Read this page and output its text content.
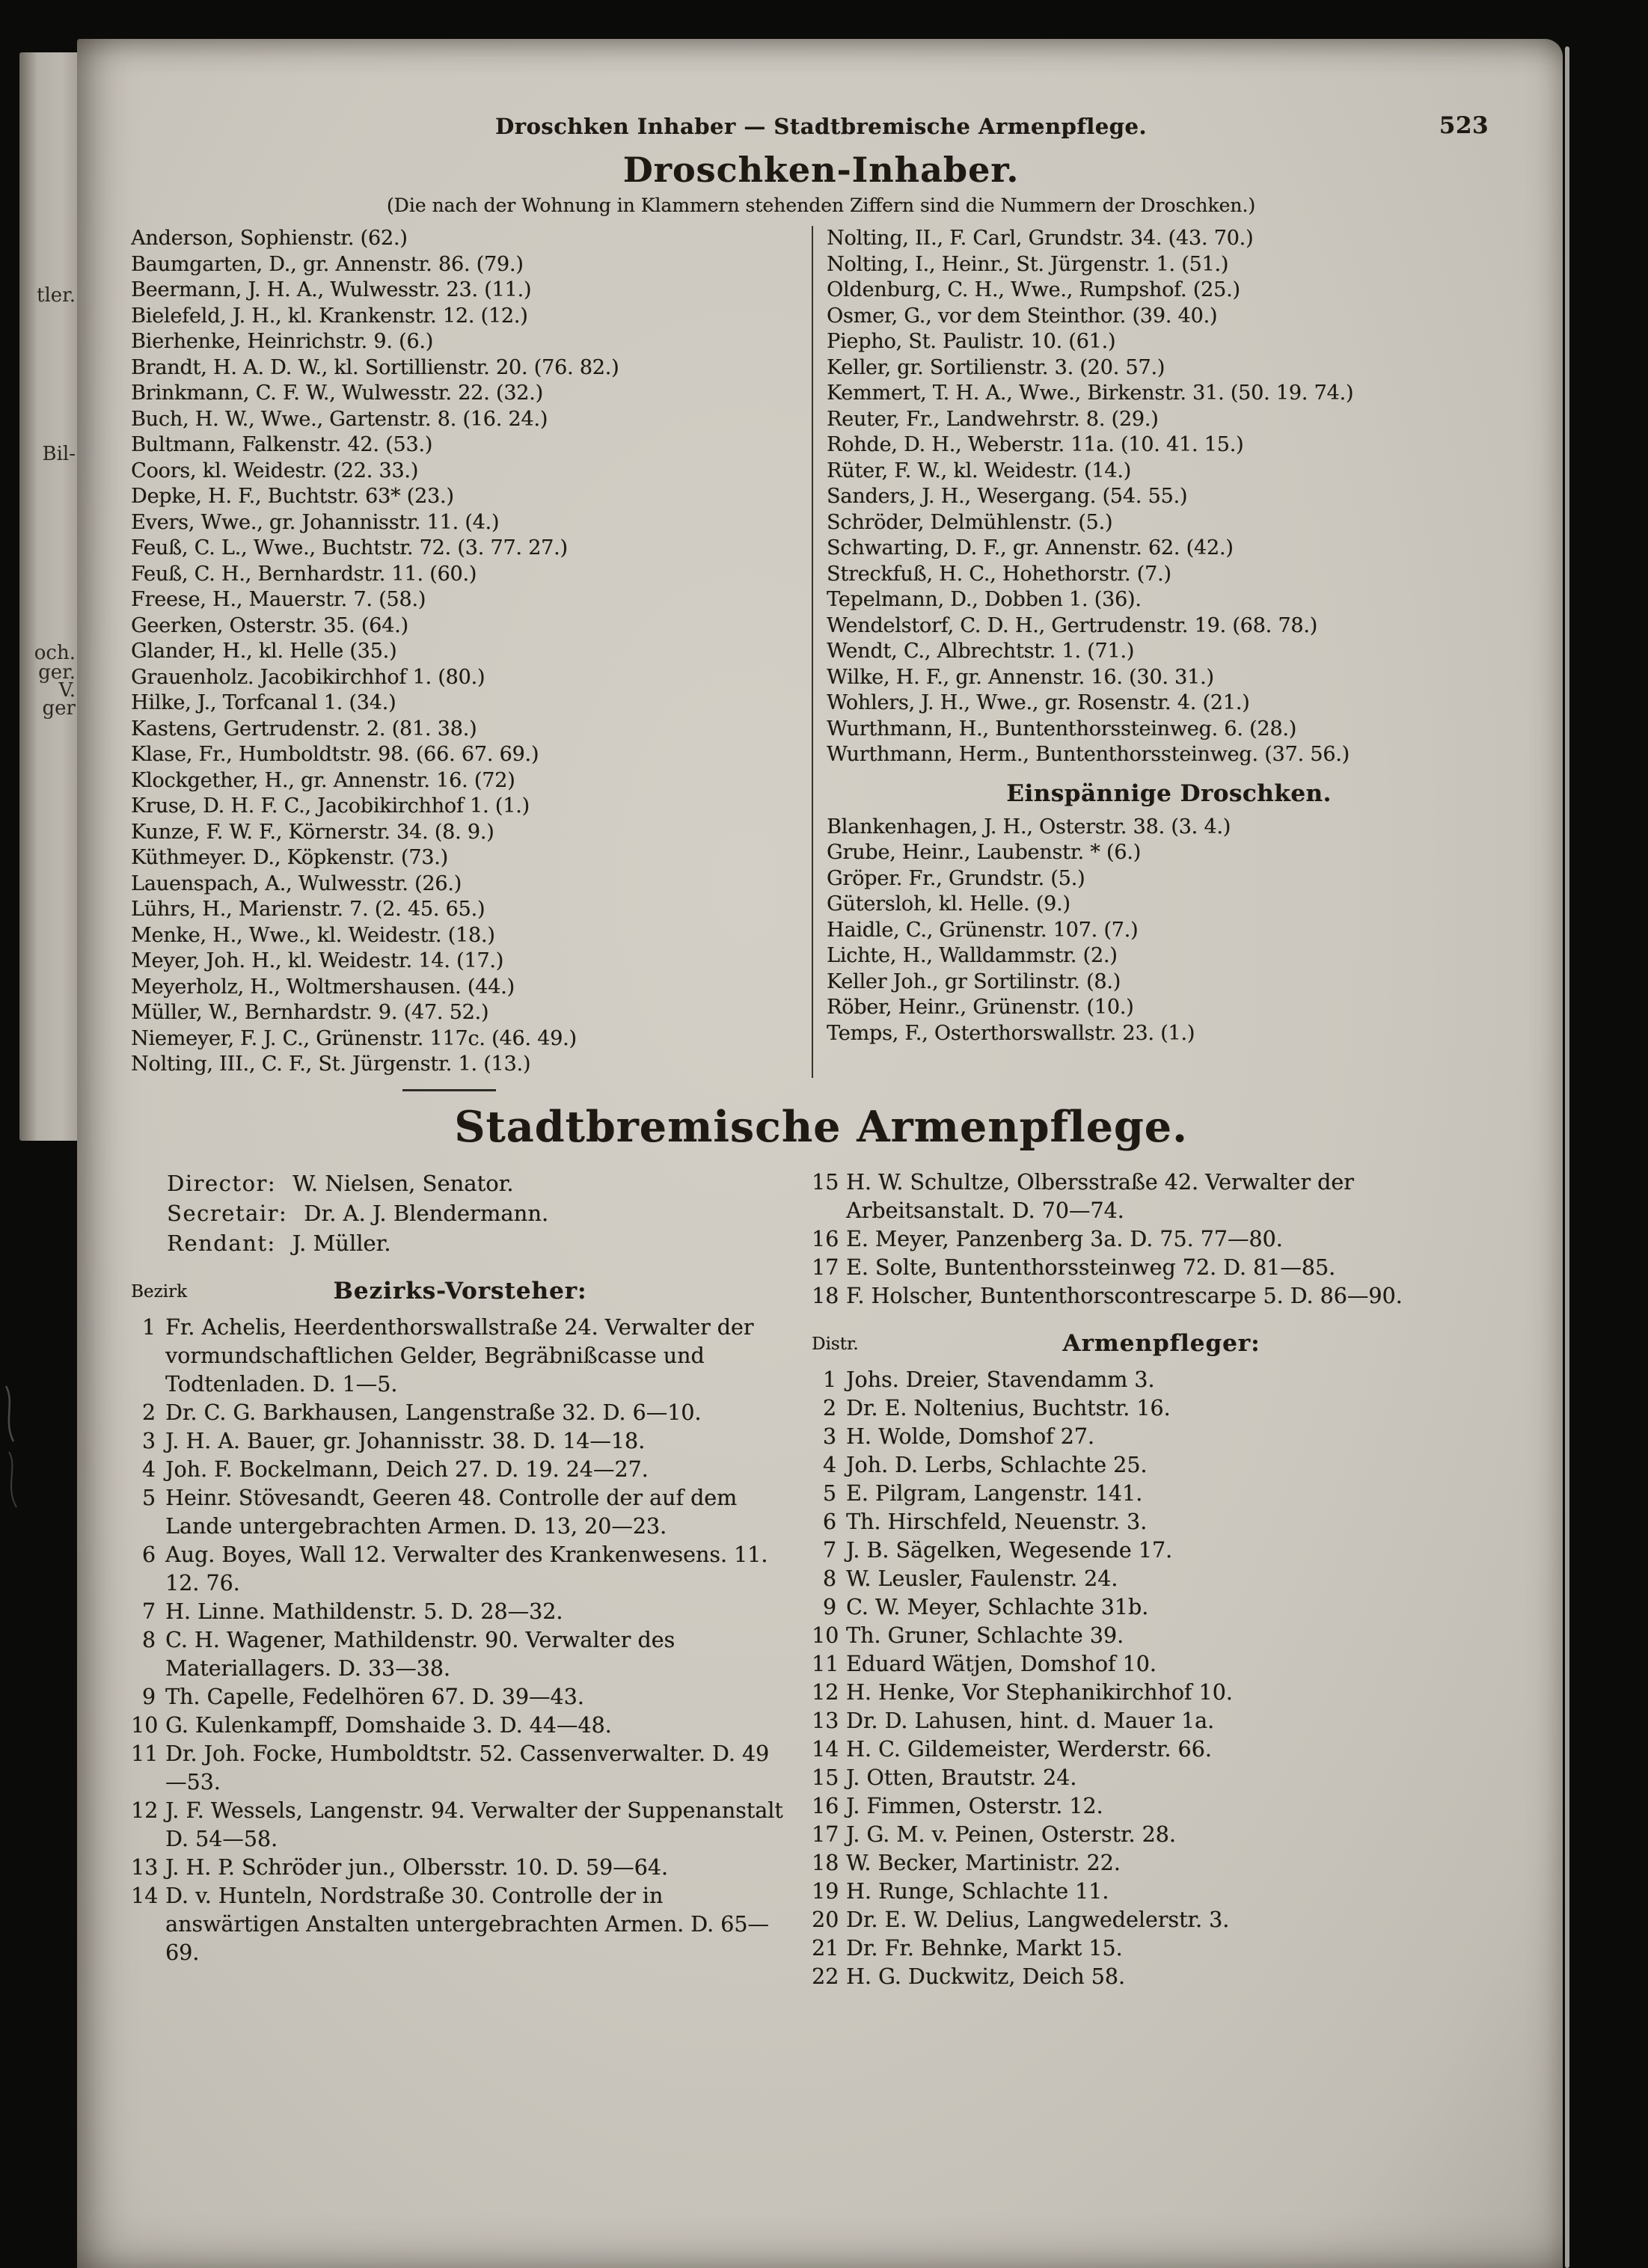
tler.
Bil-
och.
ger.
V.
ger
Droschken Inhaber — Stadtbremische Armenpflege.	523
Droschken-Inhaber.

(Die nach der Wohnung in Klammern stehenden Ziffern sind die Nummern der Droschken.)

Anderson, Sophienstr. (62.)
Baumgarten, D., gr. Annenstr. 86. (79.)
Beermann, J. H. A., Wulwesstr. 23. (11.)
Bielefeld, J. H., kl. Krankenstr. 12. (12.)
Bierhenke, Heinrichstr. 9. (6.)
Brandt, H. A. D. W., kl. Sortillienstr. 20. (76. 82.)
Brinkmann, C. F. W., Wulwesstr. 22. (32.)
Buch, H. W., Wwe., Gartenstr. 8. (16. 24.)
Bultmann, Falkenstr. 42. (53.)
Coors, kl. Weidestr. (22. 33.)
Depke, H. F., Buchtstr. 63* (23.)
Evers, Wwe., gr. Johannisstr. 11. (4.)
Feuß, C. L., Wwe., Buchtstr. 72. (3. 77. 27.)
Feuß, C. H., Bernhardstr. 11. (60.)
Freese, H., Mauerstr. 7. (58.)
Geerken, Osterstr. 35. (64.)
Glander, H., kl. Helle (35.)
Grauenholz. Jacobikirchhof 1. (80.)
Hilke, J., Torfcanal 1. (34.)
Kastens, Gertrudenstr. 2. (81. 38.)
Klase, Fr., Humboldtstr. 98. (66. 67. 69.)
Klockgether, H., gr. Annenstr. 16. (72)
Kruse, D. H. F. C., Jacobikirchhof 1. (1.)
Kunze, F. W. F., Körnerstr. 34. (8. 9.)
Küthmeyer. D., Köpkenstr. (73.)
Lauenspach, A., Wulwesstr. (26.)
Lührs, H., Marienstr. 7. (2. 45. 65.)
Menke, H., Wwe., kl. Weidestr. (18.)
Meyer, Joh. H., kl. Weidestr. 14. (17.)
Meyerholz, H., Woltmershausen. (44.)
Müller, W., Bernhardstr. 9. (47. 52.)
Niemeyer, F. J. C., Grünenstr. 117c. (46. 49.)
Nolting, III., C. F., St. Jürgenstr. 1. (13.)
Nolting, II., F. Carl, Grundstr. 34. (43. 70.)
Nolting, I., Heinr., St. Jürgenstr. 1. (51.)
Oldenburg, C. H., Wwe., Rumpshof. (25.)
Osmer, G., vor dem Steinthor. (39. 40.)
Piepho, St. Paulistr. 10. (61.)
Keller, gr. Sortilienstr. 3. (20. 57.)
Kemmert, T. H. A., Wwe., Birkenstr. 31. (50. 19. 74.)
Reuter, Fr., Landwehrstr. 8. (29.)
Rohde, D. H., Weberstr. 11a. (10. 41. 15.)
Rüter, F. W., kl. Weidestr. (14.)
Sanders, J. H., Wesergang. (54. 55.)
Schröder, Delmühlenstr. (5.)
Schwarting, D. F., gr. Annenstr. 62. (42.)
Streckfuß, H. C., Hohethorstr. (7.)
Tepelmann, D., Dobben 1. (36).
Wendelstorf, C. D. H., Gertrudenstr. 19. (68. 78.)
Wendt, C., Albrechtstr. 1. (71.)
Wilke, H. F., gr. Annenstr. 16. (30. 31.)
Wohlers, J. H., Wwe., gr. Rosenstr. 4. (21.)
Wurthmann, H., Buntenthorssteinweg. 6. (28.)
Wurthmann, Herm., Buntenthorssteinweg. (37. 56.)
Einspännige Droschken.
Blankenhagen, J. H., Osterstr. 38. (3. 4.)
Grube, Heinr., Laubenstr. * (6.)
Gröper. Fr., Grundstr. (5.)
Gütersloh, kl. Helle. (9.)
Haidle, C., Grünenstr. 107. (7.)
Lichte, H., Walldammstr. (2.)
Keller Joh., gr Sortilinstr. (8.)
Röber, Heinr., Grünenstr. (10.)
Temps, F., Osterthorswallstr. 23. (1.)
Stadtbremische Armenpflege.
Director: W. Nielsen, Senator.
Secretair: Dr. A. J. Blendermann.
Rendant: J. Müller.
Bezirk	Bezirks-Vorsteher:
1 Fr. Achelis, Heerdenthorswallstraße 24. Verwalter der vormundschaftlichen Gelder, Begräbnißcasse und Todtenladen. D. 1—5.
2 Dr. C. G. Barkhausen, Langenstraße 32. D. 6—10.
3 J. H. A. Bauer, gr. Johannisstr. 38. D. 14—18.
4 Joh. F. Bockelmann, Deich 27. D. 19. 24—27.
5 Heinr. Stövesandt, Geeren 48. Controlle der auf dem Lande untergebrachten Armen. D. 13, 20—23.
6 Aug. Boyes, Wall 12. Verwalter des Krankenwesens. 11. 12. 76.
7 H. Linne. Mathildenstr. 5. D. 28—32.
8 C. H. Wagener, Mathildenstr. 90. Verwalter des Materiallagers. D. 33—38.
9 Th. Capelle, Fedelhören 67. D. 39—43.
10 G. Kulenkampff, Domshaide 3. D. 44—48.
11 Dr. Joh. Focke, Humboldtstr. 52. Cassenverwalter. D. 49—53.
12 J. F. Wessels, Langenstr. 94. Verwalter der Suppenanstalt D. 54—58.
13 J. H. P. Schröder jun., Olbersstr. 10. D. 59—64.
14 D. v. Hunteln, Nordstraße 30. Controlle der in answärtigen Anstalten untergebrachten Armen. D. 65—69.
15 H. W. Schultze, Olbersstraße 42. Verwalter der Arbeitsanstalt. D. 70—74.
16 E. Meyer, Panzenberg 3a. D. 75. 77—80.
17 E. Solte, Buntenthorssteinweg 72. D. 81—85.
18 F. Holscher, Buntenthorscontrescarpe 5. D. 86—90.
Distr.	Armenpfleger:
1 Johs. Dreier, Stavendamm 3.
2 Dr. E. Noltenius, Buchtstr. 16.
3 H. Wolde, Domshof 27.
4 Joh. D. Lerbs, Schlachte 25.
5 E. Pilgram, Langenstr. 141.
6 Th. Hirschfeld, Neuenstr. 3.
7 J. B. Sägelken, Wegesende 17.
8 W. Leusler, Faulenstr. 24.
9 C. W. Meyer, Schlachte 31b.
10 Th. Gruner, Schlachte 39.
11 Eduard Wätjen, Domshof 10.
12 H. Henke, Vor Stephanikirchhof 10.
13 Dr. D. Lahusen, hint. d. Mauer 1a.
14 H. C. Gildemeister, Werderstr. 66.
15 J. Otten, Brautstr. 24.
16 J. Fimmen, Osterstr. 12.
17 J. G. M. v. Peinen, Osterstr. 28.
18 W. Becker, Martinistr. 22.
19 H. Runge, Schlachte 11.
20 Dr. E. W. Delius, Langwedelerstr. 3.
21 Dr. Fr. Behnke, Markt 15.
22 H. G. Duckwitz, Deich 58.
